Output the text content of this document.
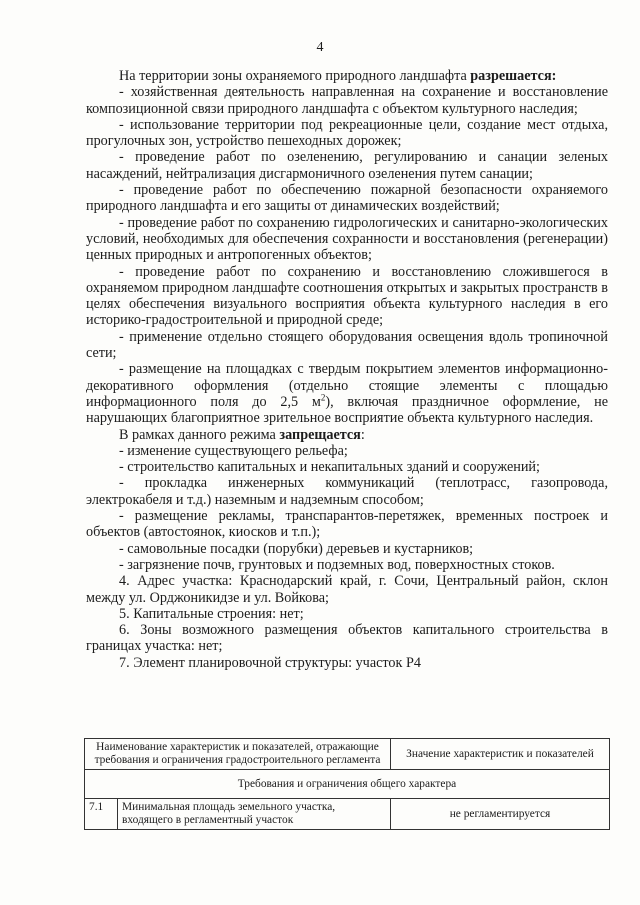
4

На территории зоны охраняемого природного ландшафта разрешается:

- хозяйственная деятельность направленная на сохранение и восстановление композиционной связи природного ландшафта с объектом культурного наследия;

- использование территории под рекреационные цели, создание мест отдыха, прогулочных зон, устройство пешеходных дорожек;

- проведение работ по озеленению, регулированию и санации зеленых насаждений, нейтрализация дисгармоничного озеленения путем санации;

- проведение работ по обеспечению пожарной безопасности охраняемого природного ландшафта и его защиты от динамических воздействий;

- проведение работ по сохранению гидрологических и санитарно-экологических условий, необходимых для обеспечения сохранности и восстановления (регенерации) ценных природных и антропогенных объектов;

- проведение работ по сохранению и восстановлению сложившегося в охраняемом природном ландшафте соотношения открытых и закрытых пространств в целях обеспечения визуального восприятия объекта культурного наследия в его историко-градостроительной и природной среде;

- применение отдельно стоящего оборудования освещения вдоль тропиночной сети;

- размещение на площадках с твердым покрытием элементов информационно-декоративного оформления (отдельно стоящие элементы с площадью информационного поля до 2,5 $м^2$), включая праздничное оформление, не нарушающих благоприятное зрительное восприятие объекта культурного наследия.

В рамках данного режима запрещается:

- изменение существующего рельефа;

- строительство капитальных и некапитальных зданий и сооружений;

- прокладка инженерных коммуникаций (теплотрасс, газопровода, электрокабеля и т.д.) наземным и надземным способом;

- размещение рекламы, транспарантов-перетяжек, временных построек и объектов (автостоянок, киосков и т.п.);

- самовольные посадки (порубки) деревьев и кустарников;

- загрязнение почв, грунтовых и подземных вод, поверхностных стоков.

4. Адрес участка: Краснодарский край, г. Сочи, Центральный район, склон между ул. Орджоникидзе и ул. Войкова;

5. Капитальные строения: нет;

6. Зоны возможного размещения объектов капитального строительства в границах участка: нет;

7. Элемент планировочной структуры: участок Р4

Наименование характеристик и показателей, отражающие требования и ограничения градостроительного регламента		Значение характеристик и показателей
Требования и ограничения общего характера		
7.1	Минимальная площадь земельного участка, входящего в регламентный участок	не регламентируется
